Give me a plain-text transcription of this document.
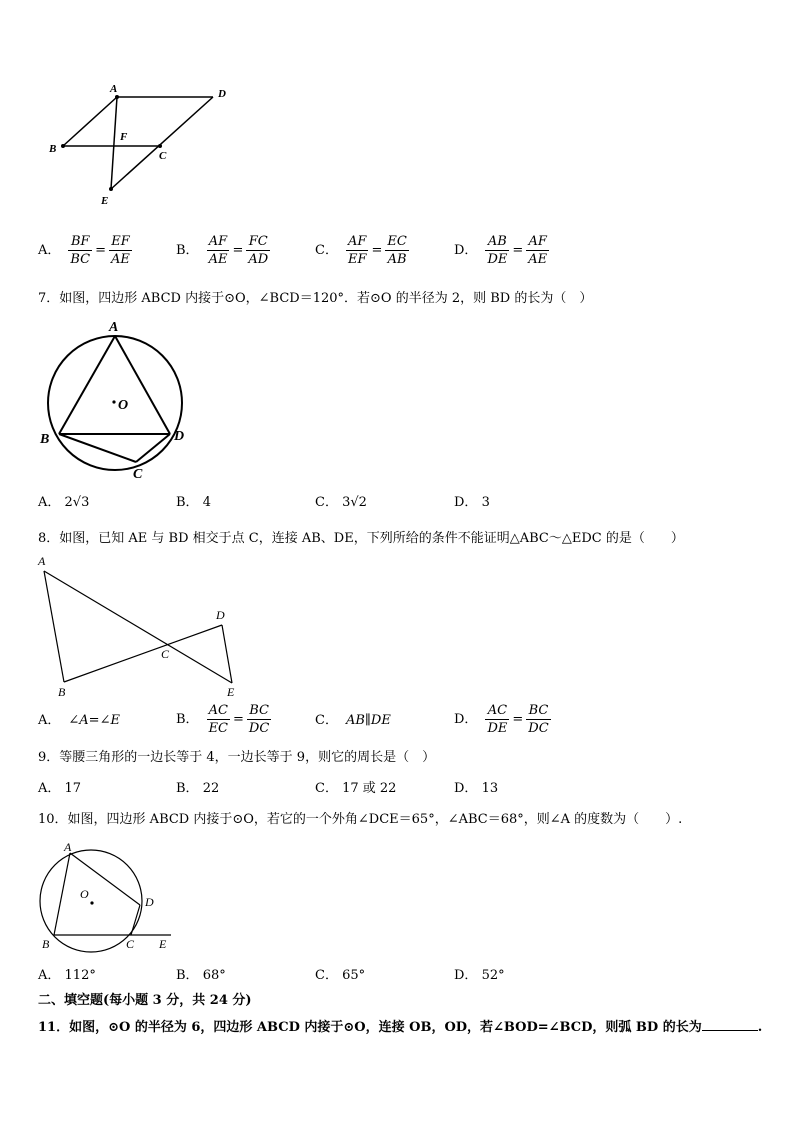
A	D
B
F
C
E
A． $\frac{BF}{BC} = \frac{EF}{AE}$	B． $\frac{AF}{AE} = \frac{FC}{AD}$	C． $\frac{AF}{EF} = \frac{EC}{AB}$	D． $\frac{AB}{DE} = \frac{AF}{AE}$
7．如图，四边形 ABCD 内接于⊙O，∠BCD＝120°．若⊙O 的半径为 2，则 BD 的长为（　）
A
O
B	D
C
A． 2√3	B． 4	C． 3√2	D． 3
8．如图，已知 AE 与 BD 相交于点 C，连接 AB、DE，下列所给的条件不能证明△ABC～△EDC 的是（　　）
A
D
C
B	E
A． ∠A=∠E	B． $\frac{AC}{EC} = \frac{BC}{DC}$	C． AB∥DE	D． $\frac{AC}{DE} = \frac{BC}{DC}$
9．等腰三角形的一边长等于 4，一边长等于 9，则它的周长是（　）
A． 17	B． 22	C． 17 或 22	D． 13
10．如图，四边形 ABCD 内接于⊙O，若它的一个外角∠DCE＝65°，∠ABC＝68°，则∠A 的度数为（　　）.
A
O
D
B	C E
A． 112°	B． 68°	C． 65°	D． 52°
二、填空题(每小题 3 分，共 24 分)
11．如图，⊙O 的半径为 6，四边形 ABCD 内接于⊙O，连接 OB，OD，若∠BOD=∠BCD，则弧 BD 的长为	.
